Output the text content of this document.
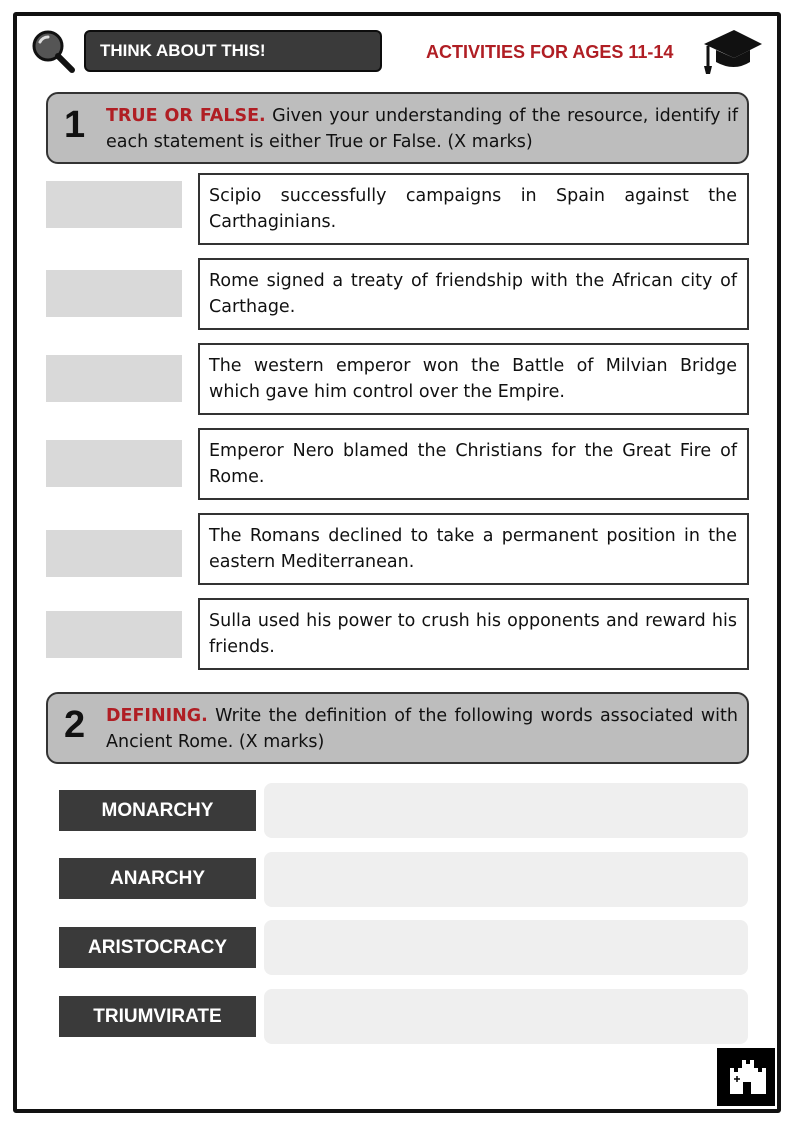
THINK ABOUT THIS!	ACTIVITIES FOR AGES 11-14
1 TRUE OR FALSE. Given your understanding of the resource, identify if each statement is either True or False. (X marks)
Scipio successfully campaigns in Spain against the Carthaginians.
Rome signed a treaty of friendship with the African city of Carthage.
The western emperor won the Battle of Milvian Bridge which gave him control over the Empire.
Emperor Nero blamed the Christians for the Great Fire of Rome.
The Romans declined to take a permanent position in the eastern Mediterranean.
Sulla used his power to crush his opponents and reward his friends.
2 DEFINING. Write the definition of the following words associated with Ancient Rome. (X marks)
MONARCHY
ANARCHY
ARISTOCRACY
TRIUMVIRATE
